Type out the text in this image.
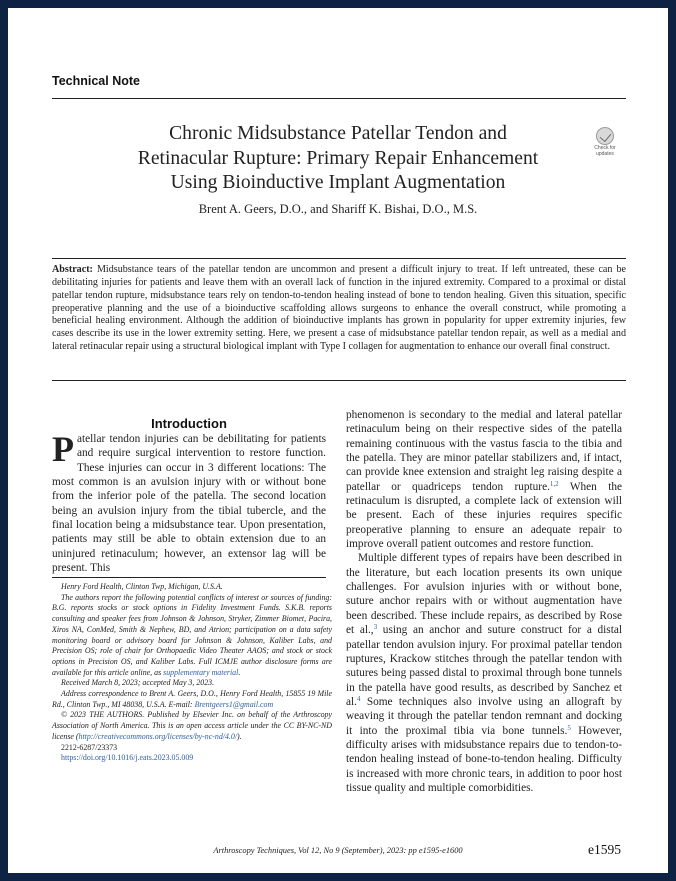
Technical Note
Chronic Midsubstance Patellar Tendon and
Retinacular Rupture: Primary Repair Enhancement
Using Bioinductive Implant Augmentation
Check for
updates
Brent A. Geers, D.O., and Shariff K. Bishai, D.O., M.S.
Abstract: Midsubstance tears of the patellar tendon are uncommon and present a difficult injury to treat. If left untreated, these can be debilitating injuries for patients and leave them with an overall lack of function in the injured extremity. Compared to a proximal or distal patellar tendon rupture, midsubstance tears rely on tendon-to-tendon healing instead of bone to tendon healing. Given this situation, specific preoperative planning and the use of a bioinductive scaffolding allows surgeons to enhance the overall construct, while promoting a beneficial healing environment. Although the addition of bioinductive implants has grown in popularity for upper extremity injuries, few cases describe its use in the lower extremity setting. Here, we present a case of midsubstance patellar tendon repair, as well as a medial and lateral retinacular repair using a structural biological implant with Type I collagen for augmentation to enhance our overall final construct.
Introduction

Patellar tendon injuries can be debilitating for patients and require surgical intervention to restore function. These injuries can occur in 3 different locations: The most common is an avulsion injury with or without bone from the inferior pole of the patella. The second location being an avulsion injury from the tibial tubercle, and the final location being a midsubstance tear. Upon presentation, patients may still be able to obtain extension due to an uninjured retinaculum; however, an extensor lag will be present. This

Henry Ford Health, Clinton Twp, Michigan, U.S.A.

The authors report the following potential conflicts of interest or sources of funding: B.G. reports stocks or stock options in Fidelity Investment Funds. S.K.B. reports consulting and speaker fees from Johnson & Johnson, Stryker, Zimmer Biomet, Pacira, Xiros NA, ConMed, Smith & Nephew, BD, and Atrion; participation on a data safety monitoring board or advisory board for Johnson & Johnson, Kaliber Labs, and Precision OS; role of chair for Orthopaedic Video Theater AAOS; and stock or stock options in Precision OS, and Kaliber Labs. Full ICMJE author disclosure forms are available for this article online, as supplementary material.

Received March 8, 2023; accepted May 3, 2023.

Address correspondence to Brent A. Geers, D.O., Henry Ford Health, 15855 19 Mile Rd., Clinton Twp., MI 48038, U.S.A. E-mail: Brentgeers1@gmail.com

© 2023 THE AUTHORS. Published by Elsevier Inc. on behalf of the Arthroscopy Association of North America. This is an open access article under the CC BY-NC-ND license (http://creativecommons.org/licenses/by-nc-nd/4.0/).

2212-6287/23373

https://doi.org/10.1016/j.eats.2023.05.009

phenomenon is secondary to the medial and lateral patellar retinaculum being on their respective sides of the patella remaining continuous with the vastus fascia to the tibia and the patella. They are minor patellar stabilizers and, if intact, can provide knee extension and straight leg raising despite a patellar or quadriceps tendon rupture.$^{1,2}$ When the retinaculum is disrupted, a complete lack of extension will be present. Each of these injuries requires specific preoperative planning to ensure an adequate repair to improve overall patient outcomes and restore function.

Multiple different types of repairs have been described in the literature, but each location presents its own unique challenges. For avulsion injuries with or without bone, suture anchor repairs with or without augmentation have been described. These include repairs, as described by Rose et al.,$^3$ using an anchor and suture construct for a distal patellar tendon avulsion injury. For proximal patellar tendon ruptures, Krackow stitches through the patellar tendon with sutures being passed distal to proximal through bone tunnels in the patella have good results, as described by Sanchez et al.$^4$ Some techniques also involve using an allograft by weaving it through the patellar tendon remnant and docking it into the proximal tibia via bone tunnels.$^5$ However, difficulty arises with midsubstance repairs due to tendon-to-tendon healing instead of bone-to-tendon healing. Difficulty is increased with more chronic tears, in addition to poor host tissue quality and multiple comorbidities.

Arthroscopy Techniques, Vol 12, No 9 (September), 2023: pp e1595-e1600	e1595
